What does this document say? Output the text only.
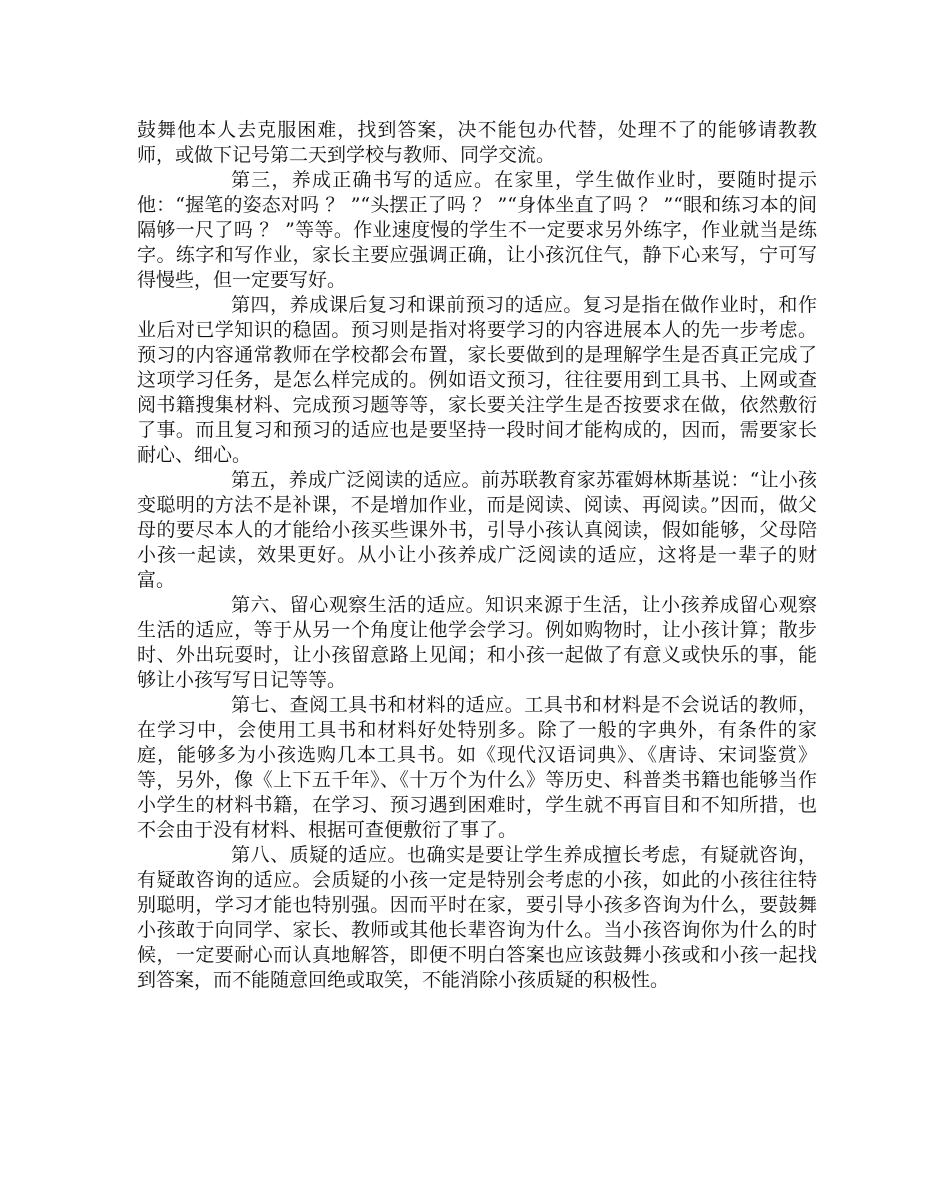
鼓舞他本人去克服困难，找到答案，决不能包办代替，处理不了的能够请教教师，或做下记号第二天到学校与教师、同学交流。

第三，养成正确书写的适应。在家里，学生做作业时，要随时提示他：“握笔的姿态对吗 ？ ”“头摆正了吗 ？ ”“身体坐直了吗 ？ ”“眼和练习本的间隔够一尺了吗 ？ ”等等。作业速度慢的学生不一定要求另外练字，作业就当是练字。练字和写作业，家长主要应强调正确，让小孩沉住气，静下心来写，宁可写得慢些，但一定要写好。

第四，养成课后复习和课前预习的适应。复习是指在做作业时，和作业后对已学知识的稳固。预习则是指对将要学习的内容进展本人的先一步考虑。预习的内容通常教师在学校都会布置，家长要做到的是理解学生是否真正完成了这项学习任务，是怎么样完成的。例如语文预习，往往要用到工具书、上网或查阅书籍搜集材料、完成预习题等等，家长要关注学生是否按要求在做，依然敷衍了事。而且复习和预习的适应也是要坚持一段时间才能构成的，因而，需要家长耐心、细心。

第五，养成广泛阅读的适应。前苏联教育家苏霍姆林斯基说：“让小孩变聪明的方法不是补课，不是增加作业，而是阅读、阅读、再阅读。”因而，做父母的要尽本人的才能给小孩买些课外书，引导小孩认真阅读，假如能够，父母陪小孩一起读，效果更好。从小让小孩养成广泛阅读的适应，这将是一辈子的财富。

第六、留心观察生活的适应。知识来源于生活，让小孩养成留心观察生活的适应，等于从另一个角度让他学会学习。例如购物时，让小孩计算；散步时、外出玩耍时，让小孩留意路上见闻；和小孩一起做了有意义或快乐的事，能够让小孩写写日记等等。

第七、查阅工具书和材料的适应。工具书和材料是不会说话的教师，在学习中，会使用工具书和材料好处特别多。除了一般的字典外，有条件的家庭，能够多为小孩选购几本工具书。如《现代汉语词典》、《唐诗、宋词鉴赏》等，另外，像《上下五千年》、《十万个为什么》等历史、科普类书籍也能够当作小学生的材料书籍，在学习、预习遇到困难时，学生就不再盲目和不知所措，也不会由于没有材料、根据可查便敷衍了事了。

第八、质疑的适应。也确实是要让学生养成擅长考虑，有疑就咨询，有疑敢咨询的适应。会质疑的小孩一定是特别会考虑的小孩，如此的小孩往往特别聪明，学习才能也特别强。因而平时在家，要引导小孩多咨询为什么，要鼓舞小孩敢于向同学、家长、教师或其他长辈咨询为什么。当小孩咨询你为什么的时候，一定要耐心而认真地解答，即便不明白答案也应该鼓舞小孩或和小孩一起找到答案，而不能随意回绝或取笑，不能消除小孩质疑的积极性。
